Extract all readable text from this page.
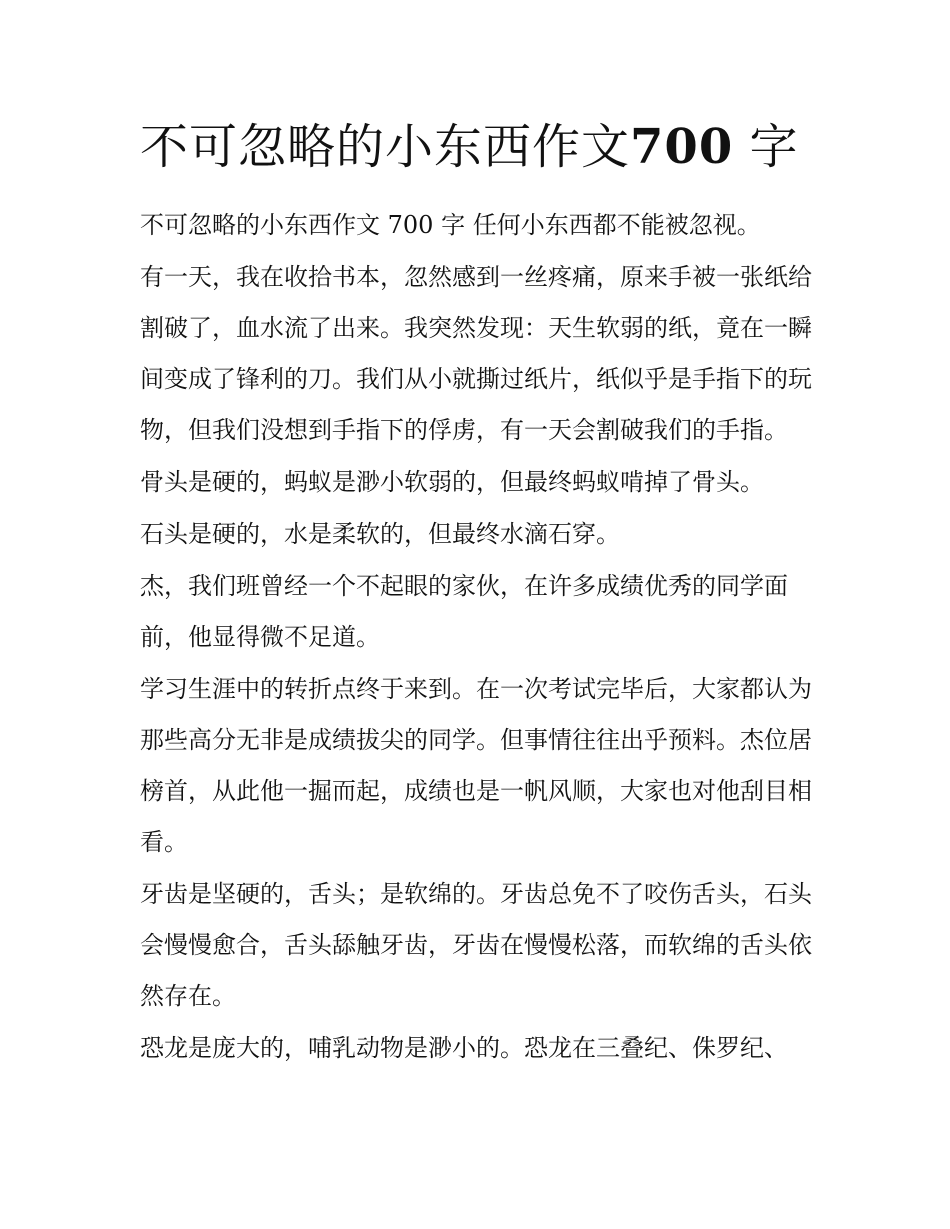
不可忽略的小东西作文700 字

不可忽略的小东西作文 700 字 任何小东西都不能被忽视。

有一天，我在收拾书本，忽然感到一丝疼痛，原来手被一张纸给割破了，血水流了出来。我突然发现：天生软弱的纸，竟在一瞬间变成了锋利的刀。我们从小就撕过纸片，纸似乎是手指下的玩物，但我们没想到手指下的俘虏，有一天会割破我们的手指。

骨头是硬的，蚂蚁是渺小软弱的，但最终蚂蚁啃掉了骨头。

石头是硬的，水是柔软的，但最终水滴石穿。

杰，我们班曾经一个不起眼的家伙，在许多成绩优秀的同学面前，他显得微不足道。

学习生涯中的转折点终于来到。在一次考试完毕后，大家都认为那些高分无非是成绩拔尖的同学。但事情往往出乎预料。杰位居榜首，从此他一掘而起，成绩也是一帆风顺，大家也对他刮目相看。

牙齿是坚硬的，舌头；是软绵的。牙齿总免不了咬伤舌头，石头会慢慢愈合，舌头舔触牙齿，牙齿在慢慢松落，而软绵的舌头依然存在。

恐龙是庞大的，哺乳动物是渺小的。恐龙在三叠纪、侏罗纪、
